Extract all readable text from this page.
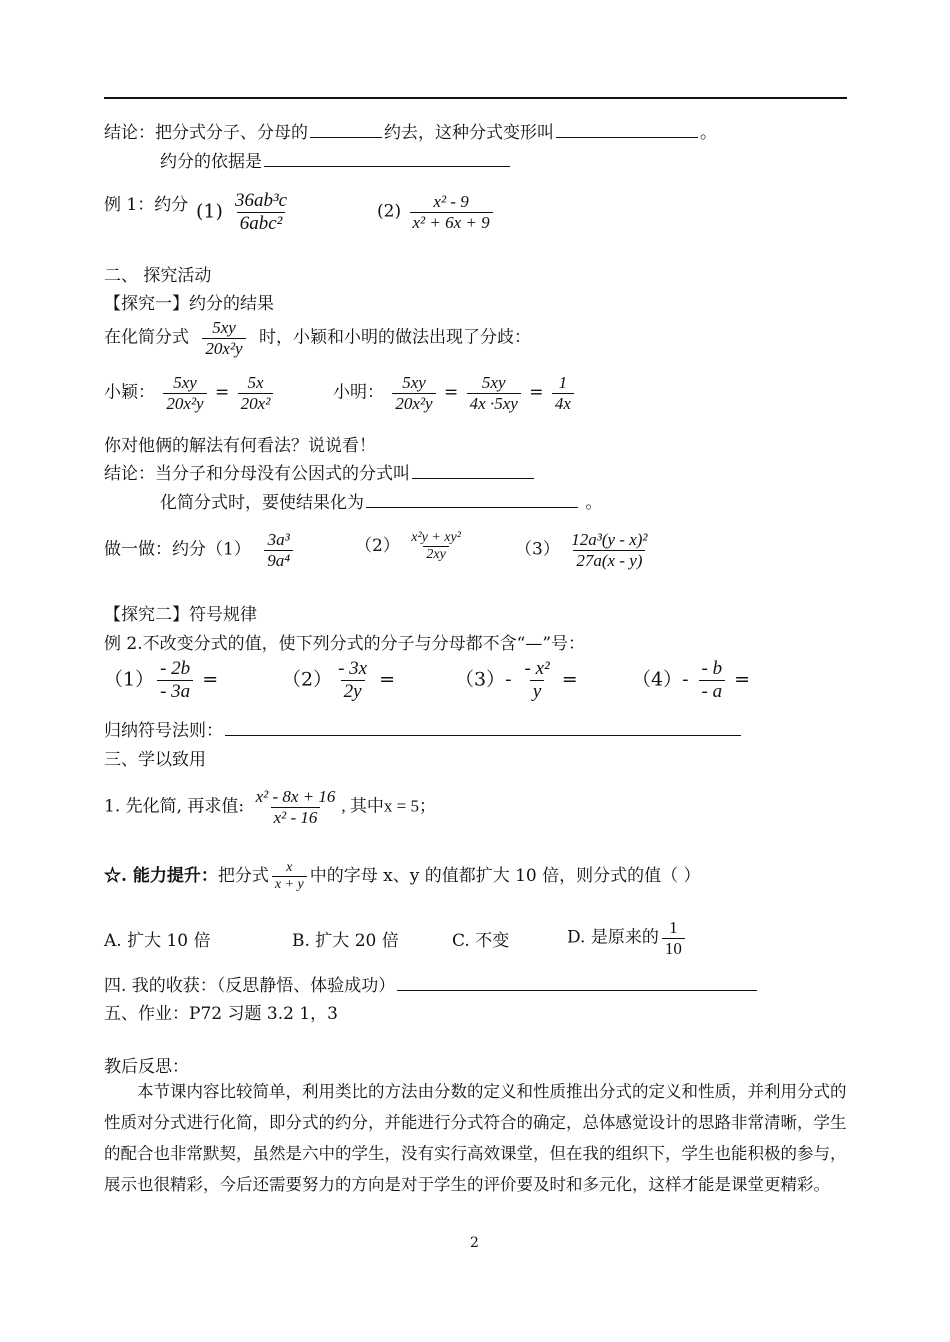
结论：把分式分子、分母的	约去，这种分式变形叫	。
约分的依据是
例 1：约分 $(1) \frac{\text{36ab³c}}{\text{6abc²}}$	$(2) \frac{\text{x² - 9}}{\text{x² + 6x + 9}}$
二、 探究活动
【探究一】约分的结果
在化简分式 $\frac{5xy}{\text{20x²y}}$ 时，小颖和小明的做法出现了分歧：
小颖： $\frac{5xy}{\text{20x²y}} = \frac{5x}{\text{20x²}}$	小明： $\frac{5xy}{\text{20x²y}} = \frac{5xy}{4x \cdot 5xy} = \frac{1}{4x}$
你对他俩的解法有何看法？说说看！
结论：当分子和分母没有公因式的分式叫
化简分式时，要使结果化为	。
做一做：约分$(1) \frac{\text{3a³}}{\text{9a⁴}}$	$(2) \frac{\text{x²y + xy²}}{2xy}$	$(3) \frac{\text{12a³(y - x)²}}{27a(x - y)}$
【探究二】符号规律
例 2.不改变分式的值，使下列分式的分子与分母都不含“—”号：
$(1) \frac{- 2b}{- 3a}$ =	$(2) \frac{- 3x}{2y}$ =	$(3)- \frac{\text{- x²}}{y}$ =	$(4)- \frac{- b}{- a}$ =
归纳符号法则：
三、学以致用
1. 先化简, 再求值: $\frac{\text{x² - 8x + 16}}{\text{x² - 16}}$ , 其中x = 5；
☆. 能力提升：把分式 $\frac{x}{x + y}$ 中的字母 x、y 的值都扩大 10 倍，则分式的值（ ）
A. 扩大 10 倍	B. 扩大 20 倍	C. 不变	D. 是原来的 $\frac{1}{10}$
四. 我的收获：（反思静悟、体验成功）
五、作业：P72 习题 3.2 1，3
教后反思：
本节课内容比较简单，利用类比的方法由分数的定义和性质推出分式的定义和性质，并利用分式的性质对分式进行化简，即分式的约分，并能进行分式符合的确定，总体感觉设计的思路非常清晰，学生的配合也非常默契，虽然是六中的学生，没有实行高效课堂，但在我的组织下，学生也能积极的参与，展示也很精彩，今后还需要努力的方向是对于学生的评价要及时和多元化，这样才能是课堂更精彩。
2
